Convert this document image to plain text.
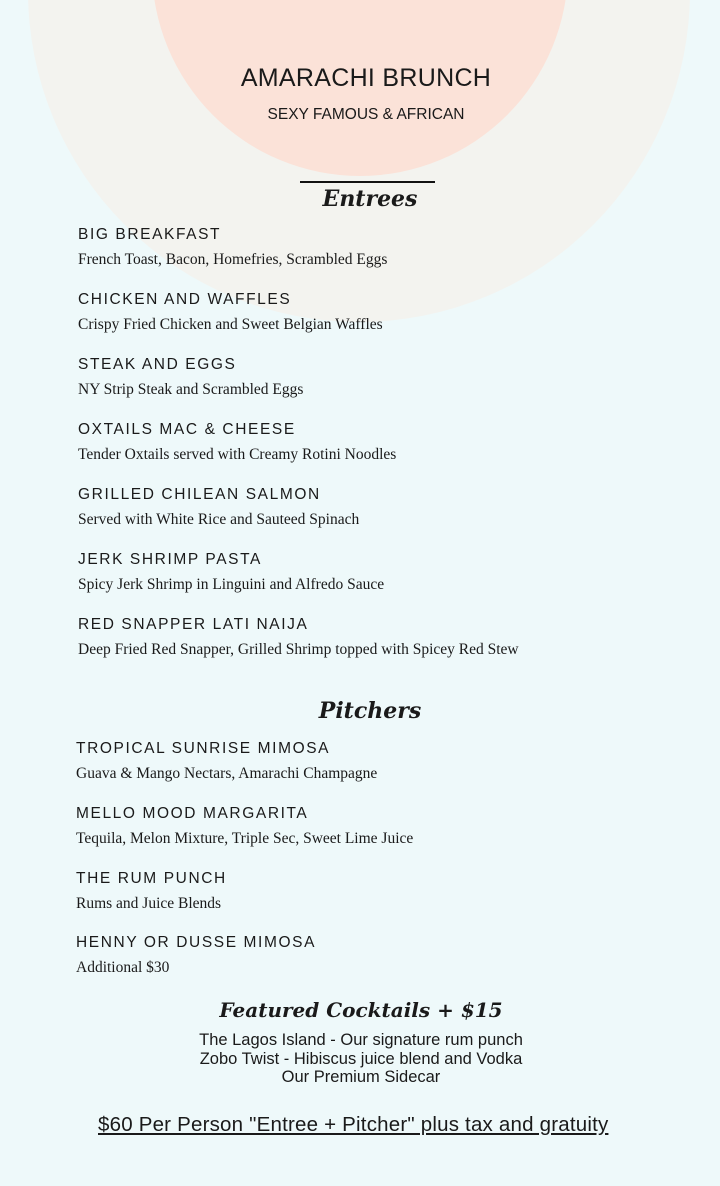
AMARACHI BRUNCH
SEXY FAMOUS & AFRICAN
Entrees
BIG BREAKFAST
French Toast, Bacon, Homefries, Scrambled Eggs
CHICKEN AND WAFFLES
Crispy Fried Chicken and Sweet Belgian Waffles
STEAK AND EGGS
NY Strip Steak and Scrambled Eggs
OXTAILS MAC & CHEESE
Tender Oxtails served with Creamy Rotini Noodles
GRILLED CHILEAN SALMON
Served with White Rice and Sauteed Spinach
JERK SHRIMP PASTA
Spicy Jerk Shrimp in Linguini and Alfredo Sauce
RED SNAPPER LATI NAIJA
Deep Fried Red Snapper, Grilled Shrimp topped with Spicey Red Stew
Pitchers
TROPICAL SUNRISE MIMOSA
Guava & Mango Nectars, Amarachi Champagne
MELLO MOOD MARGARITA
Tequila, Melon Mixture, Triple Sec, Sweet Lime Juice
THE RUM PUNCH
Rums and Juice Blends
HENNY OR DUSSE MIMOSA
Additional $30
Featured Cocktails + $15
The Lagos Island - Our signature rum punch
Zobo Twist - Hibiscus juice blend and Vodka
Our Premium Sidecar
$60 Per Person "Entree + Pitcher" plus tax and gratuity
